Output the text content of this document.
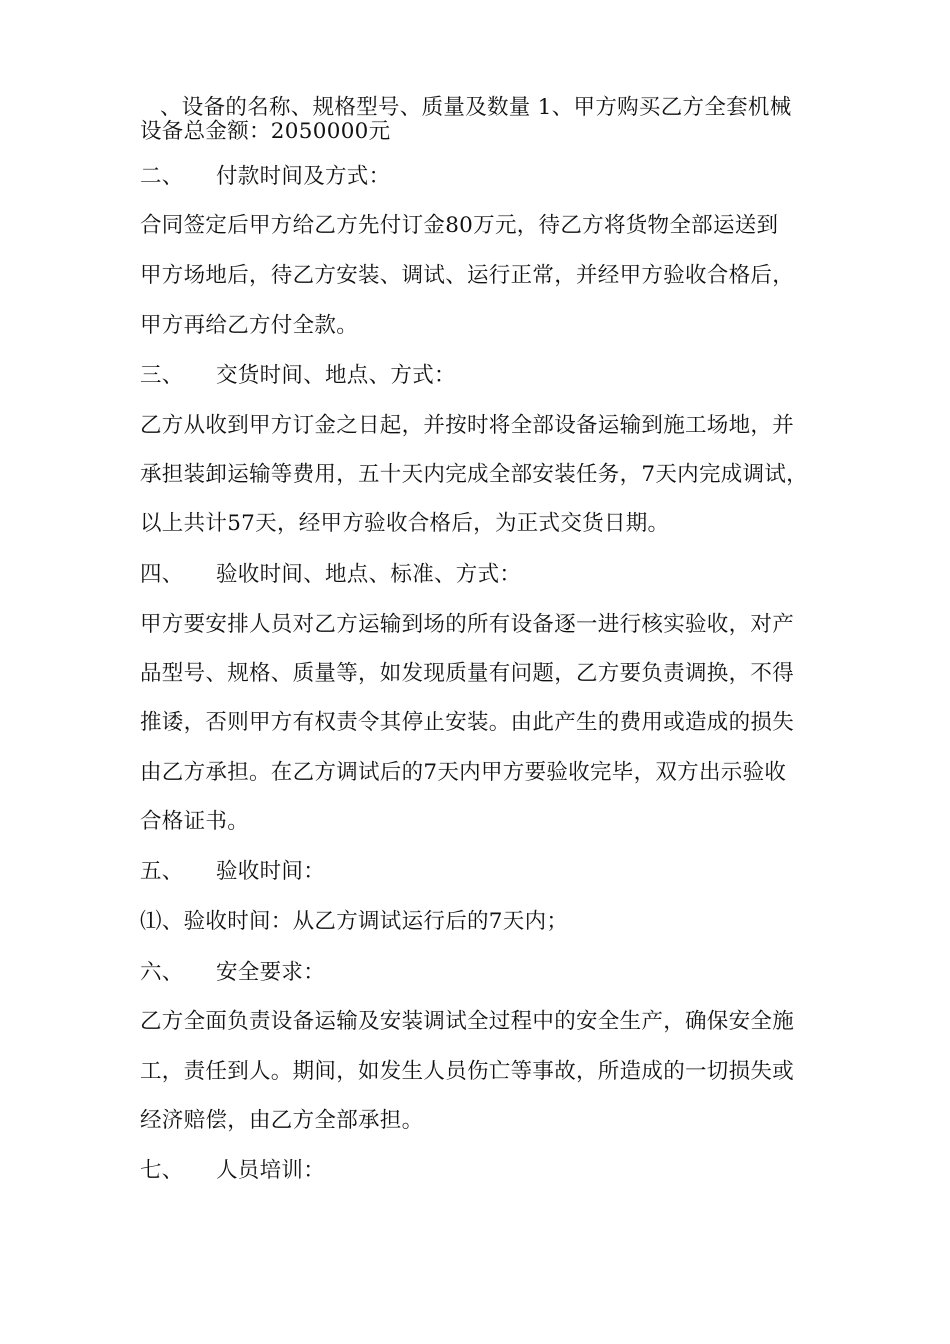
、设备的名称、规格型号、质量及数量 1、甲方购买乙方全套机械
设备总金额：2050000元
二、 付款时间及方式：
合同签定后甲方给乙方先付订金80万元，待乙方将货物全部运送到
甲方场地后，待乙方安装、调试、运行正常，并经甲方验收合格后，
甲方再给乙方付全款。
三、 交货时间、地点、方式：
乙方从收到甲方订金之日起，并按时将全部设备运输到施工场地，并
承担装卸运输等费用，五十天内完成全部安装任务，7天内完成调试，
以上共计57天，经甲方验收合格后，为正式交货日期。
四、 验收时间、地点、标准、方式：
甲方要安排人员对乙方运输到场的所有设备逐一进行核实验收，对产
品型号、规格、质量等，如发现质量有问题，乙方要负责调换，不得
推诿，否则甲方有权责令其停止安装。由此产生的费用或造成的损失
由乙方承担。在乙方调试后的7天内甲方要验收完毕，双方出示验收
合格证书。
五、 验收时间：
⑴、验收时间：从乙方调试运行后的7天内；
六、 安全要求：
乙方全面负责设备运输及安装调试全过程中的安全生产，确保安全施
工，责任到人。期间，如发生人员伤亡等事故，所造成的一切损失或
经济赔偿，由乙方全部承担。
七、 人员培训：
